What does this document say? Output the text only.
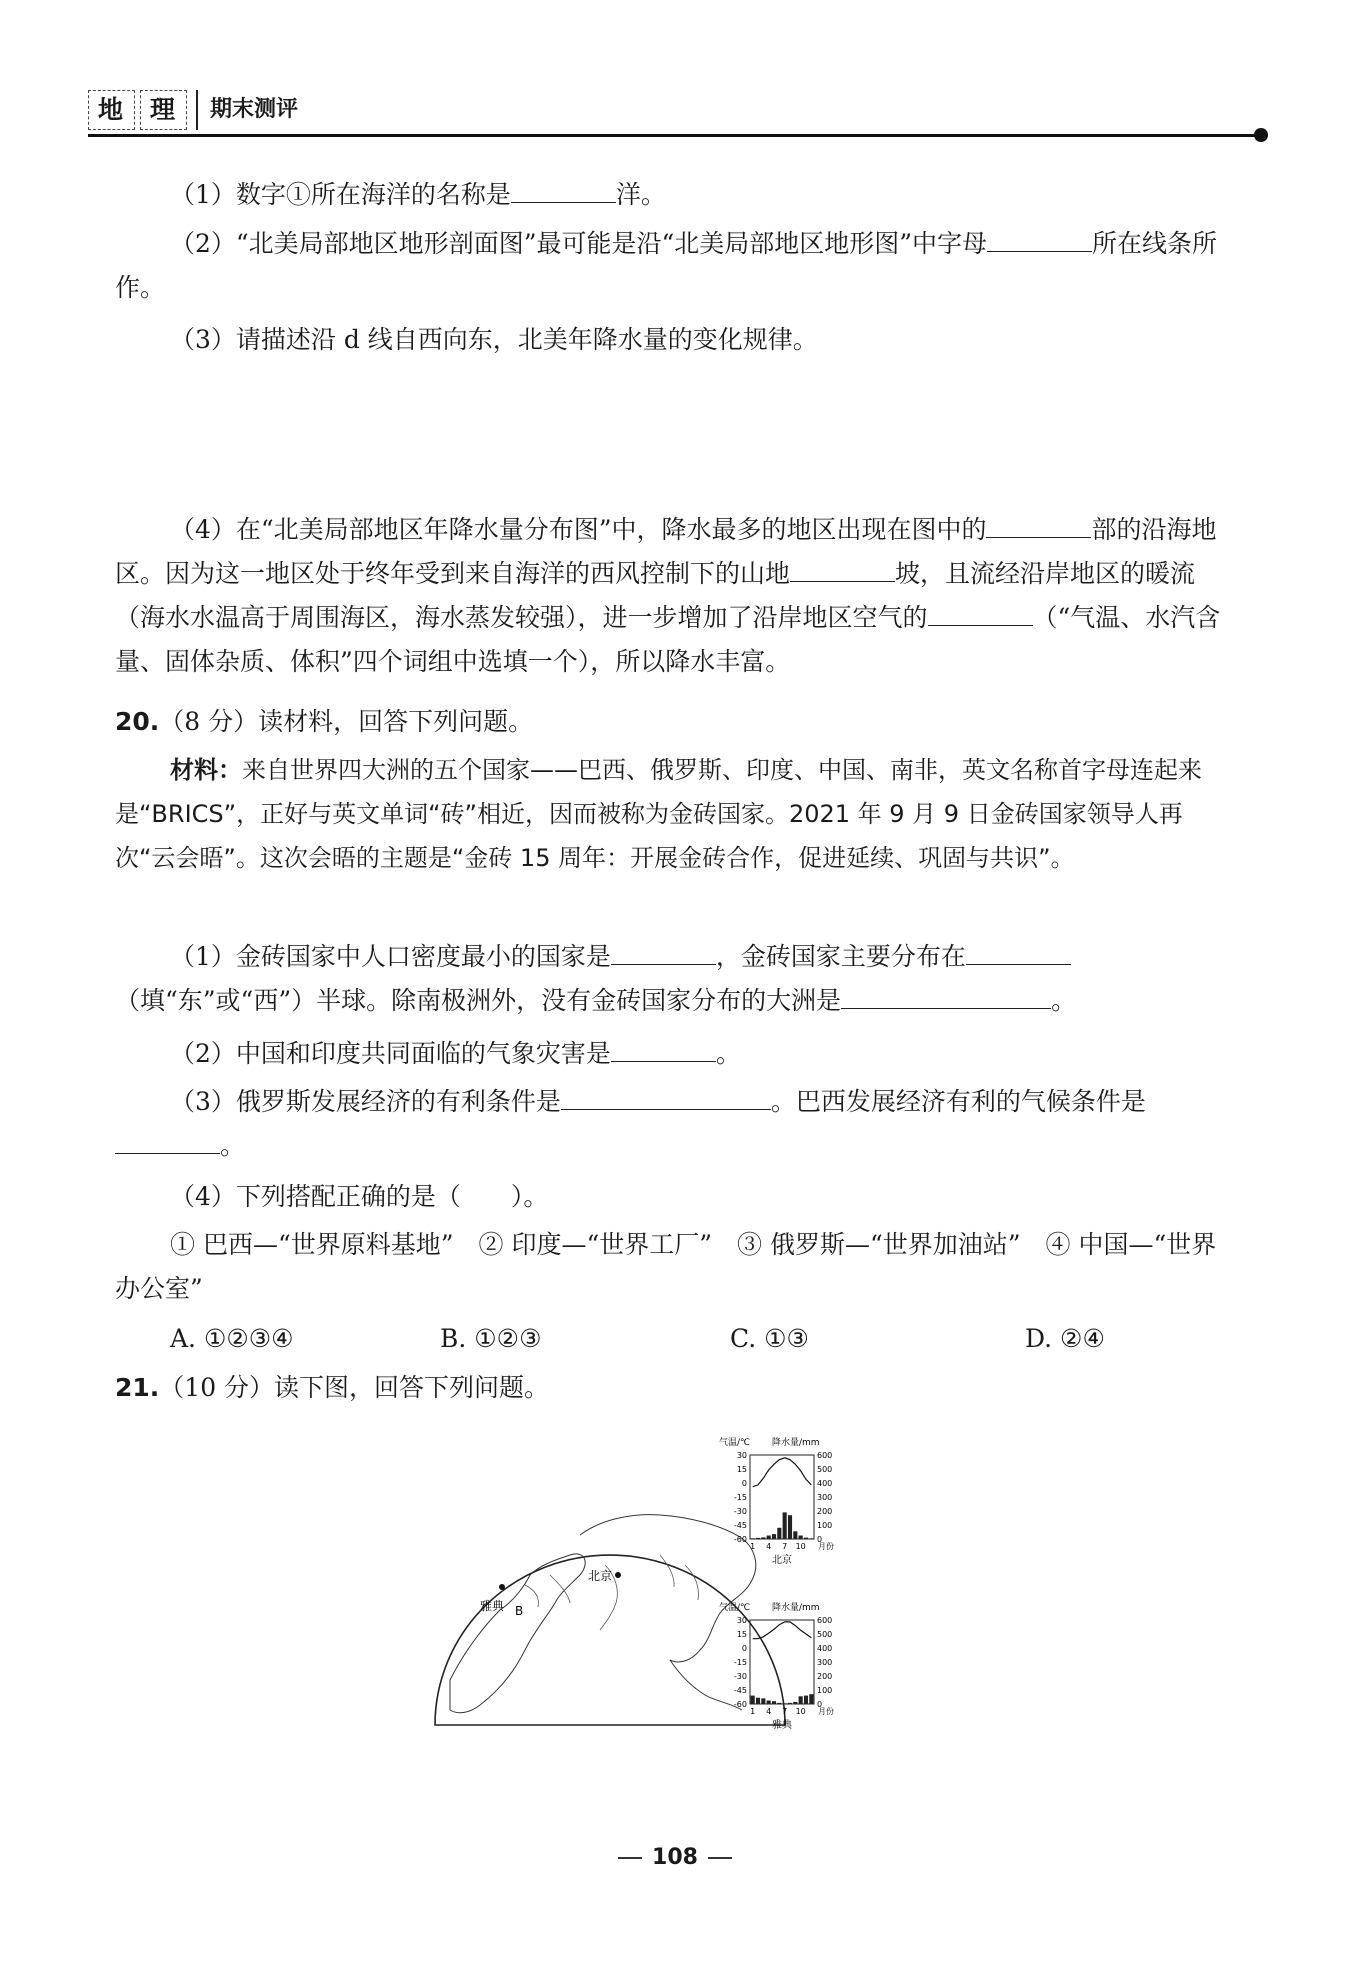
地 理	期末测评

（1）数字①所在海洋的名称是	洋。

（2）“北美局部地区地形剖面图”最可能是沿“北美局部地区地形图”中字母	所在线条所作。

（3）请描述沿 d 线自西向东，北美年降水量的变化规律。

（4）在“北美局部地区年降水量分布图”中，降水最多的地区出现在图中的	部的沿海地区。因为这一地区处于终年受到来自海洋的西风控制下的山地	坡，且流经沿岸地区的暖流（海水水温高于周围海区，海水蒸发较强），进一步增加了沿岸地区空气的	（“气温、水汽含量、固体杂质、体积”四个词组中选填一个），所以降水丰富。

20.（8 分）读材料，回答下列问题。

材料：来自世界四大洲的五个国家——巴西、俄罗斯、印度、中国、南非，英文名称首字母连起来是“BRICS”，正好与英文单词“砖”相近，因而被称为金砖国家。2021 年 9 月 9 日金砖国家领导人再次“云会晤”。这次会晤的主题是“金砖 15 周年：开展金砖合作，促进延续、巩固与共识”。

（1）金砖国家中人口密度最小的国家是	，金砖国家主要分布在（填“东”或“西”）半球。除南极洲外，没有金砖国家分布的大洲是	。

（2）中国和印度共同面临的气象灾害是	。

（3）俄罗斯发展经济的有利条件是	。巴西发展经济有利的气候条件是。

（4）下列搭配正确的是（　　）。

① 巴西—“世界原料基地”　② 印度—“世界工厂”　③ 俄罗斯—“世界加油站”　④ 中国—“世界办公室”

A. ①②③④	B. ①②③	C. ①③	D. ②④

21.（10 分）读下图，回答下列问题。

北京
雅典 B
气温/℃ 降水量/mm
30
15
0
-15
-30
-45
-60
600
500
400
300
200
100
0
1 4 7 10 月份
北京
气温/℃ 降水量/mm
30
15
0
-15
-30
-45
-60
600
500
400
300
200
100
0
1 4 7 10 月份
雅典
108
